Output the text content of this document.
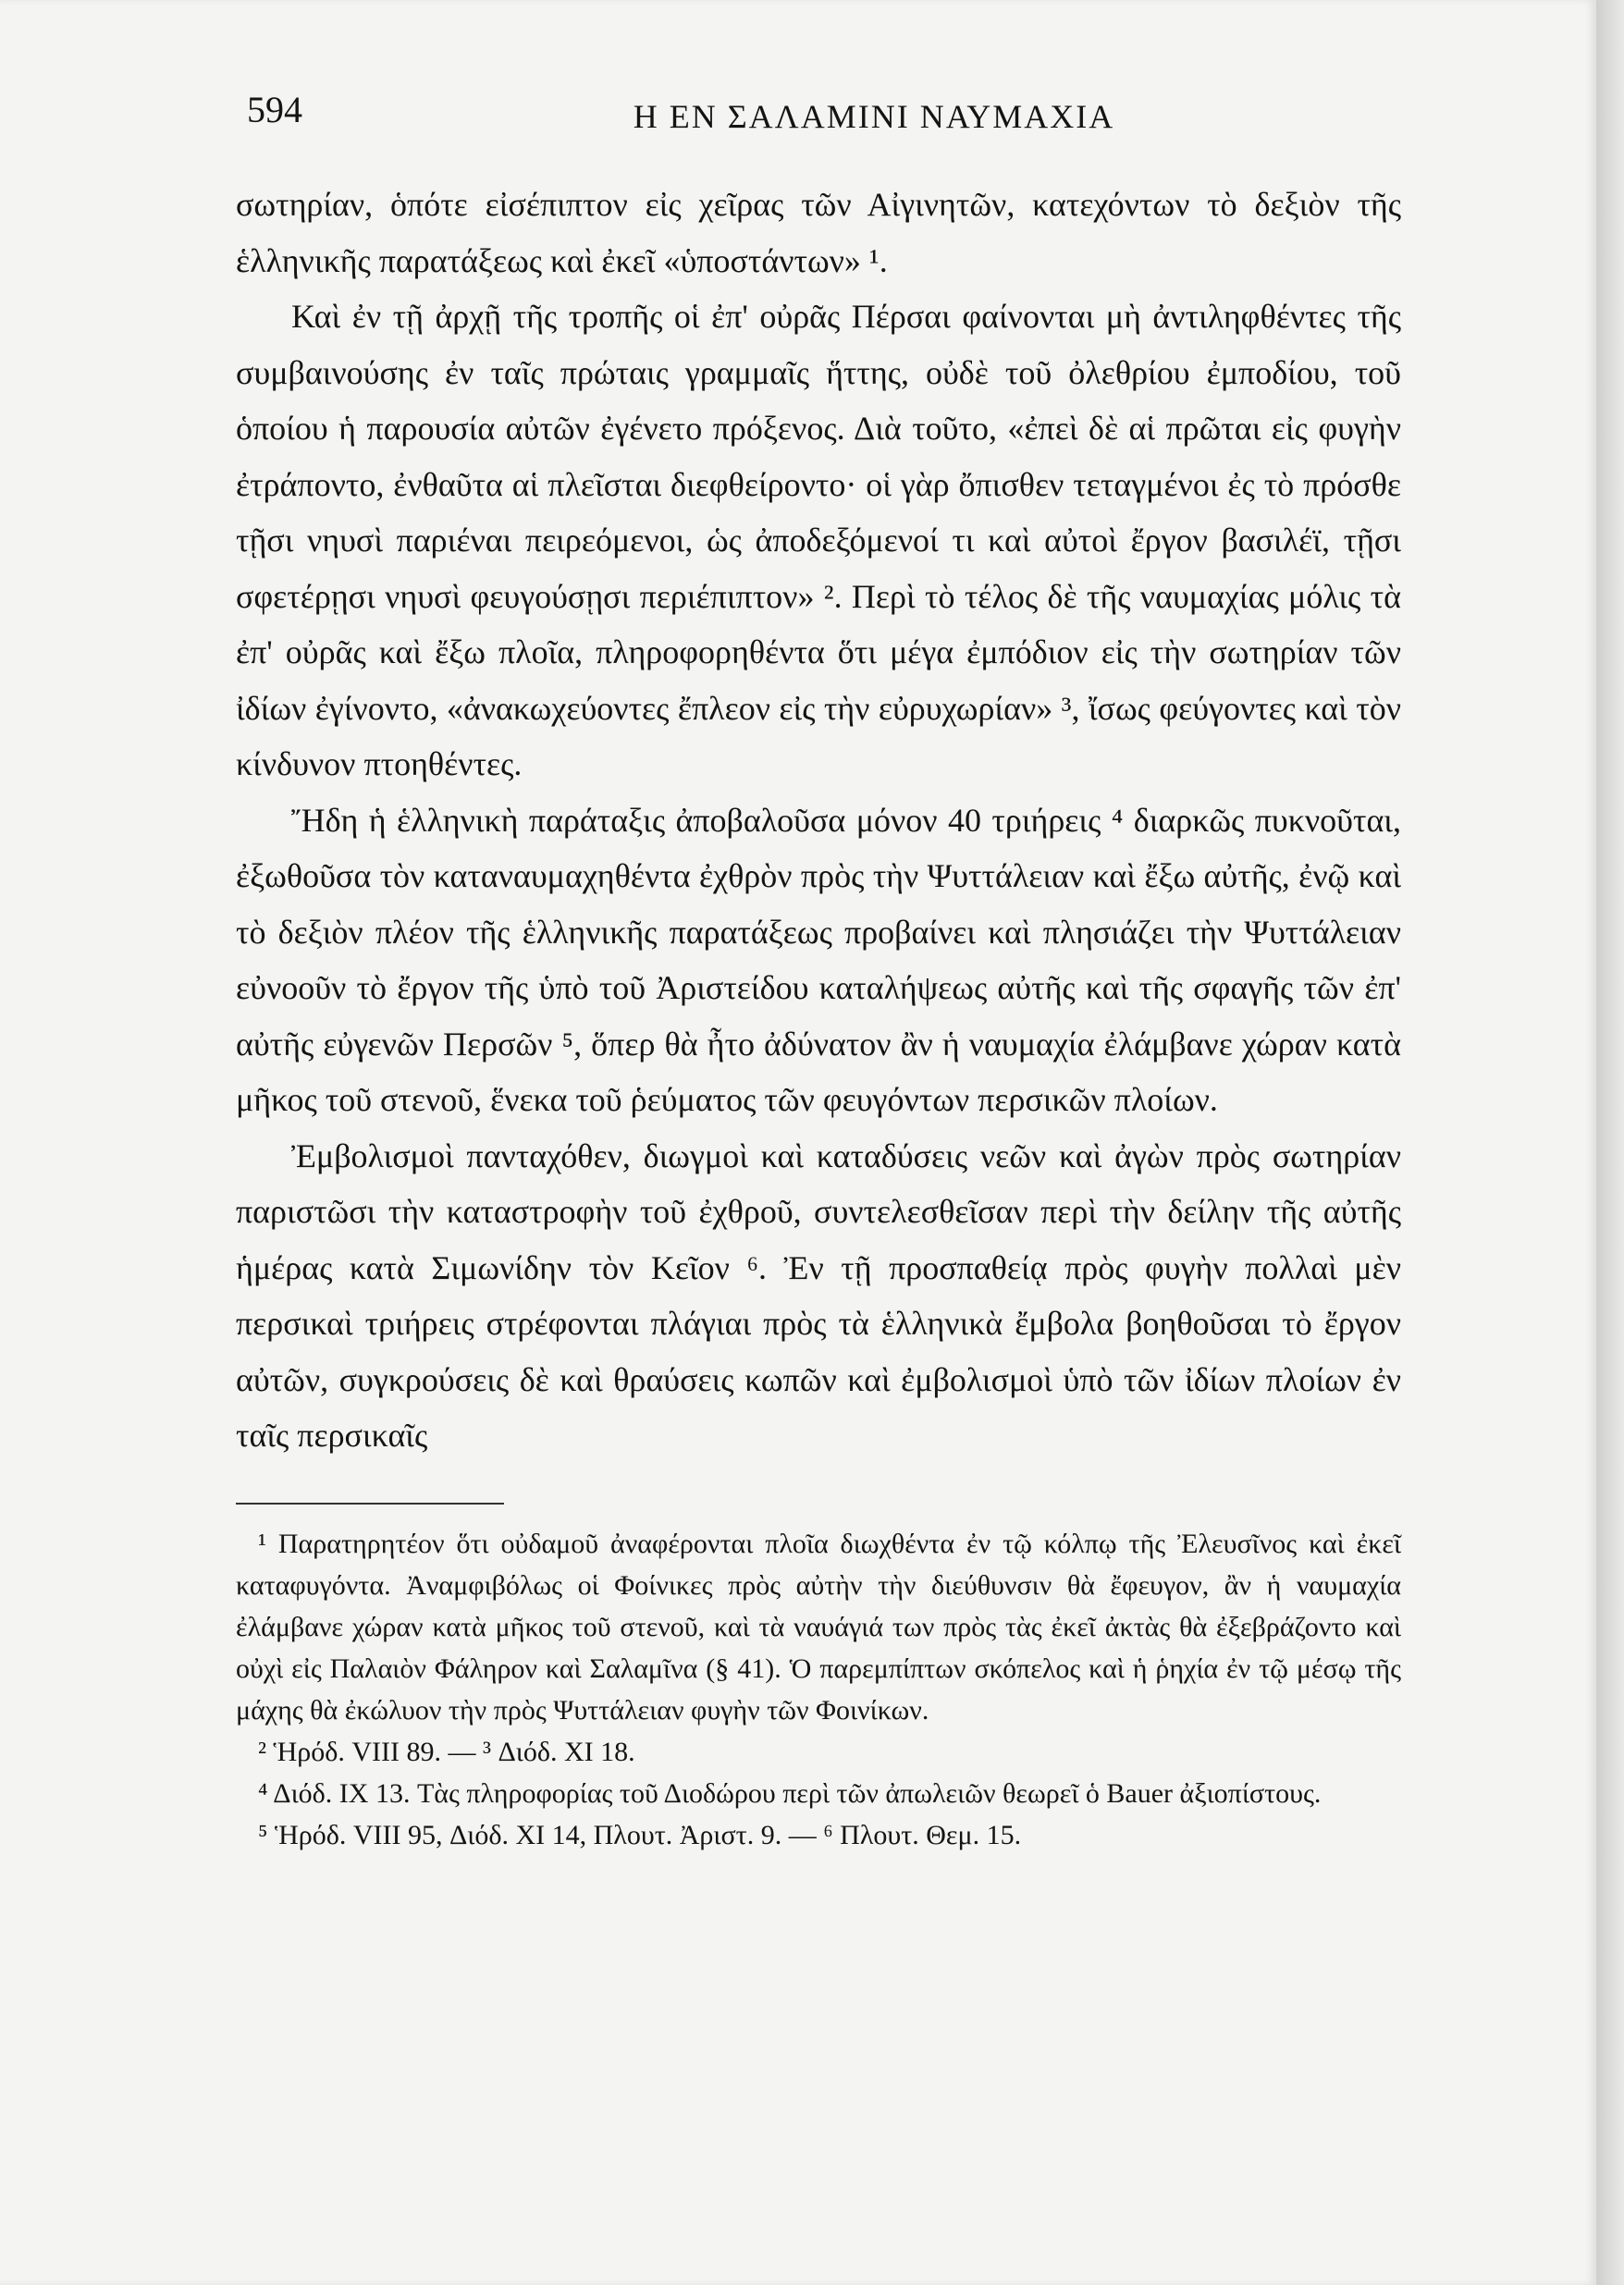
594	Η ΕΝ ΣΑΛΑΜΙΝΙ ΝΑΥΜΑΧΙΑ

σωτηρίαν, ὁπότε εἰσέπιπτον εἰς χεῖρας τῶν Αἰγινητῶν, κατεχόντων τὸ δεξιὸν τῆς ἑλληνικῆς παρατάξεως καὶ ἐκεῖ «ὑποστάντων» ¹.

Καὶ ἐν τῇ ἀρχῇ τῆς τροπῆς οἱ ἐπ' οὐρᾶς Πέρσαι φαίνονται μὴ ἀντιληφθέντες τῆς συμβαινούσης ἐν ταῖς πρώταις γραμμαῖς ἥττης, οὐδὲ τοῦ ὀλεθρίου ἐμποδίου, τοῦ ὁποίου ἡ παρουσία αὐτῶν ἐγένετο πρόξενος. Διὰ τοῦτο, «ἐπεὶ δὲ αἱ πρῶται εἰς φυγὴν ἐτράποντο, ἐνθαῦτα αἱ πλεῖσται διεφθείροντο· οἱ γὰρ ὄπισθεν τεταγμένοι ἐς τὸ πρόσθε τῇσι νηυσὶ παριέναι πειρεόμενοι, ὡς ἀποδεξόμενοί τι καὶ αὐτοὶ ἔργον βασιλέϊ, τῇσι σφετέρῃσι νηυσὶ φευγούσῃσι περιέπιπτον» ². Περὶ τὸ τέλος δὲ τῆς ναυμαχίας μόλις τὰ ἐπ' οὐρᾶς καὶ ἔξω πλοῖα, πληροφορηθέντα ὅτι μέγα ἐμπόδιον εἰς τὴν σωτηρίαν τῶν ἰδίων ἐγίνοντο, «ἀνακωχεύοντες ἔπλεον εἰς τὴν εὐρυχωρίαν» ³, ἴσως φεύγοντες καὶ τὸν κίνδυνον πτοηθέντες.

Ἤδη ἡ ἑλληνικὴ παράταξις ἀποβαλοῦσα μόνον 40 τριήρεις ⁴ διαρκῶς πυκνοῦται, ἐξωθοῦσα τὸν καταναυμαχηθέντα ἐχθρὸν πρὸς τὴν Ψυττάλειαν καὶ ἔξω αὐτῆς, ἐνῷ καὶ τὸ δεξιὸν πλέον τῆς ἑλληνικῆς παρατάξεως προβαίνει καὶ πλησιάζει τὴν Ψυττάλειαν εὐνοοῦν τὸ ἔργον τῆς ὑπὸ τοῦ Ἀριστείδου καταλήψεως αὐτῆς καὶ τῆς σφαγῆς τῶν ἐπ' αὐτῆς εὐγενῶν Περσῶν ⁵, ὅπερ θὰ ἦτο ἀδύνατον ἂν ἡ ναυμαχία ἐλάμβανε χώραν κατὰ μῆκος τοῦ στενοῦ, ἕνεκα τοῦ ῥεύματος τῶν φευγόντων περσικῶν πλοίων.

Ἐμβολισμοὶ πανταχόθεν, διωγμοὶ καὶ καταδύσεις νεῶν καὶ ἀγὼν πρὸς σωτηρίαν παριστῶσι τὴν καταστροφὴν τοῦ ἐχθροῦ, συντελεσθεῖσαν περὶ τὴν δείλην τῆς αὐτῆς ἡμέρας κατὰ Σιμωνίδην τὸν Κεῖον ⁶. Ἐν τῇ προσπαθείᾳ πρὸς φυγὴν πολλαὶ μὲν περσικαὶ τριήρεις στρέφονται πλάγιαι πρὸς τὰ ἑλληνικὰ ἔμβολα βοηθοῦσαι τὸ ἔργον αὐτῶν, συγκρούσεις δὲ καὶ θραύσεις κωπῶν καὶ ἐμβολισμοὶ ὑπὸ τῶν ἰδίων πλοίων ἐν ταῖς περσικαῖς

¹ Παρατηρητέον ὅτι οὐδαμοῦ ἀναφέρονται πλοῖα διωχθέντα ἐν τῷ κόλπῳ τῆς Ἐλευσῖνος καὶ ἐκεῖ καταφυγόντα. Ἀναμφιβόλως οἱ Φοίνικες πρὸς αὐτὴν τὴν διεύθυνσιν θὰ ἔφευγον, ἂν ἡ ναυμαχία ἐλάμβανε χώραν κατὰ μῆκος τοῦ στενοῦ, καὶ τὰ ναυάγιά των πρὸς τὰς ἐκεῖ ἀκτὰς θὰ ἐξεβράζοντο καὶ οὐχὶ εἰς Παλαιὸν Φάληρον καὶ Σαλαμῖνα (§ 41). Ὁ παρεμπίπτων σκόπελος καὶ ἡ ῥηχία ἐν τῷ μέσῳ τῆς μάχης θὰ ἐκώλυον τὴν πρὸς Ψυττάλειαν φυγὴν τῶν Φοινίκων.

² Ἡρόδ. VIII 89. — ³ Διόδ. XI 18.

⁴ Διόδ. IX 13. Τὰς πληροφορίας τοῦ Διοδώρου περὶ τῶν ἀπωλειῶν θεωρεῖ ὁ Bauer ἀξιοπίστους.

⁵ Ἡρόδ. VIII 95, Διόδ. XI 14, Πλουτ. Ἀριστ. 9. — ⁶ Πλουτ. Θεμ. 15.
